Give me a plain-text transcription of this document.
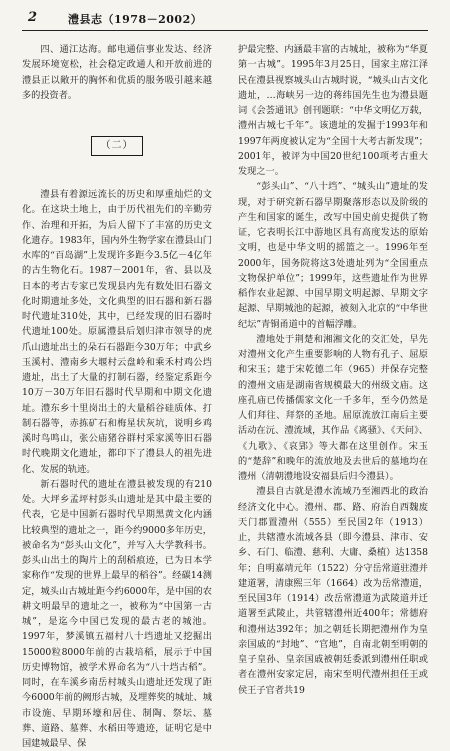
2	澧县志（1978－2002）

四、通江达海。邮电通信事业发达、经济发展环境宽松，社会稳定政通人和开放前进的澧县正以敞开的胸怀和优质的服务吸引越来越多的投资者。

（二）

澧县有着源远流长的历史和厚重灿烂的文化。在这块土地上，由于历代祖先们的辛勤劳作、治理和开拓，为后人留下了丰富的历史文化遗存。1983年，国内外生物学家在澧县山门水库的“百岛湖”上发现许多距今3.5亿－4亿年的古生物化石。1987－2001年，省、县以及日本的考古专家已发现县内先有数处旧石器文化时期遗址多处，文化典型的旧石器和新石器时代遗址310处，其中，已经发现的旧石器时代遗址100处。原属澧县后划归津市领导的虎爪山遗址出土的朵石石器距今30万年；中武乡玉溪村、澧南乡大堰村云盘岭和乘禾村鸡公垱遗址，出土了大量的打制石器，经鉴定系距今10万－30万年旧石器时代早期和中期文化遗址。澧东乡十里岗出土的大量稻谷硅质体、打制石器等，赤拣矿石和梅星状灰坑，说明乡鸡溪时鸟鸣山，张公庙猪谷群村采家溪等旧石器时代晚期文化遗址，都印下了澧县人的祖先进化、发展的轨迹。

新石器时代的遗址在澧县被发现的有210处。大坪乡孟坪村彭头山遗址是其中最主要的代表，它是中国新石器时代早期黑黄文化内涵比较典型的遗址之一，距今约9000多年历史，被命名为“彭头山文化”，并写入大学教科书。彭头山出土的陶片上的刮稻痕迹，已为日本学家称作“发现的世界上最早的稻谷”。经碳14测定，城头山古城址距今约6000年，是中国的农耕文明最早的遗址之一，被称为“中国第一古城”，是迄今中国已发现的最古老的城池。1997年，梦溪镇五福村八十垱遗址又挖掘出15000粒8000年前的古栽培稻，展示于中国历史博物馆，被学术界命名为“八十垱古稻”。同时，在车溪乡南岳村城头山遗址还发现了距今6000年前的阙形古城，及埋葬奖的城址、城市设施、早期环壕和居住、制陶、祭坛、墓葬、道路、墓葬、水稻田等遗迹，证明它是中国建城最早、保

护最完整、内涵最丰富的古城址，被称为“华夏第一古城”。1995年3月25日，国家主席江泽民在澧县视察城头山古城时说，“城头山古文化遗址，…海峡另一边的蒋纬国先生也为澧县题词《会荟通讯》创刊题联：“中华文明亿万载，澧州古城七千年”。该遗址的发掘于1993年和1997年两度被认定为“全国十大考古新发现”；2001年，被评为中国20世纪100项考古重大发现之一。

“彭头山”、“八十垱”、“城头山”遗址的发现，对于研究新石器早期聚落形态以及阶级的产生和国家的诞生，改写中国史前史提供了物证，它表明长江中游地区具有高度发达的原始文明，也是中华文明的摇篮之一。1996年至2000年，国务院将这3处遗址列为“全国重点文物保护单位”；1999年，这些遗址作为世界稻作农业起源、中国早期文明起源、早期文字起源、早期城池的起源，被刻入北京的“中华世纪坛”青铜甬道中的首幅浮雕。

澧地处于荆楚和湘湘文化的交汇处，早先对澧州文化产生重要影响的人物有孔子、屈原和宋玉；建于宋乾德二年（965）并保存完整的澧州文庙是湖南省规模最大的州级文庙。这座孔庙已传播儒家文化一千多年，至今仍然是人们拜往、拜祭的圣地。屈原流放江南后主要活动在沅、澧流域，其作品《离骚》、《天问》、《九歌》、《哀郢》等大都在这里创作。宋玉的“楚辞”和晚年的流放地及去世后的墓地均在澧州（清朝澧地设安福县后归今澧县）。

澧县自古就是澧水流域乃至湘西北的政治经济文化中心。澧州、郡、路、府治自西魏废天门郡置澧州（555）至民国2年（1913）止，共辖澧水流域各县（即今澧县、津市、安乡、石门、临澧、慈利、大庸、桑植）达1358年；自明嘉靖元年（1522）分守岳常道驻澧并建道署，清康熙三年（1664）改为岳常澧道，至民国3年（1914）改岳常澧道为武陵道并迁道署至武陵止，共管辖澧州近400年；常德府和澧州达392年；加之朝廷长期把澧州作为皇亲国戚的“封地”、“官地”，自南北朝至明朝的皇子皇孙、皇亲国戚被朝廷委派到澧州任职或者在澧州安家定居，南宋至明代澧州担任王或侯王子官者共19
